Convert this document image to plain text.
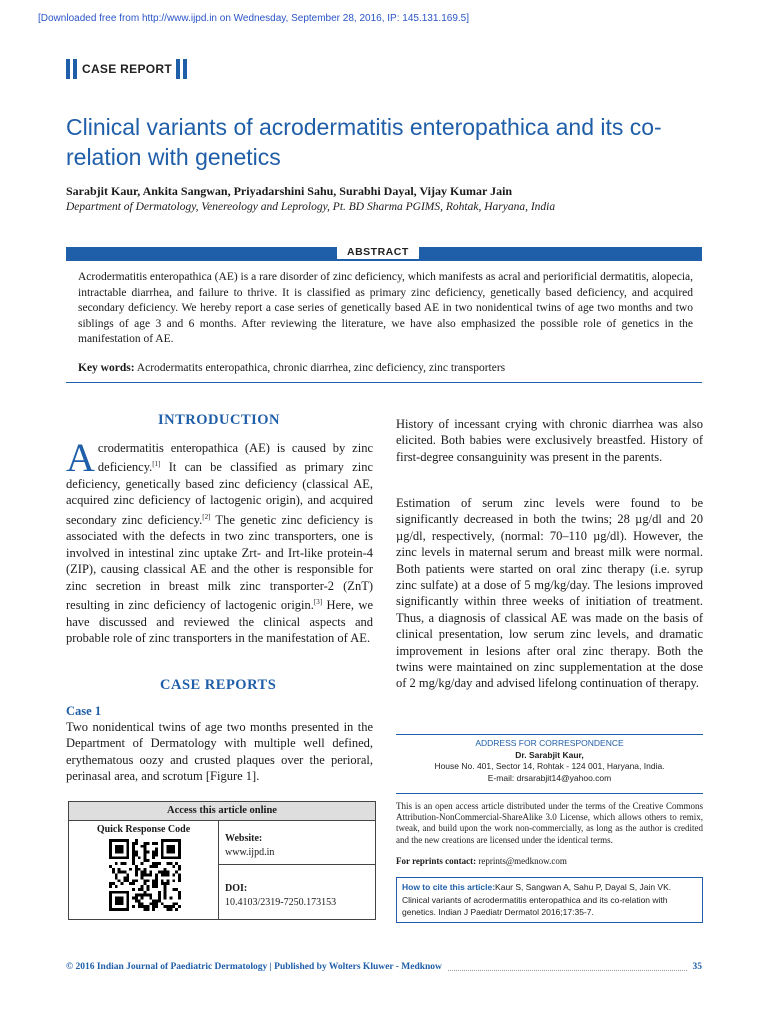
[Downloaded free from http://www.ijpd.in on Wednesday, September 28, 2016, IP: 145.131.169.5]
CASE REPORT
Clinical variants of acrodermatitis enteropathica and its co-relation with genetics
Sarabjit Kaur, Ankita Sangwan, Priyadarshini Sahu, Surabhi Dayal, Vijay Kumar Jain
Department of Dermatology, Venereology and Leprology, Pt. BD Sharma PGIMS, Rohtak, Haryana, India
ABSTRACT
Acrodermatitis enteropathica (AE) is a rare disorder of zinc deficiency, which manifests as acral and periorificial dermatitis, alopecia, intractable diarrhea, and failure to thrive. It is classified as primary zinc deficiency, genetically based deficiency, and acquired secondary deficiency. We hereby report a case series of genetically based AE in two nonidentical twins of age two months and two siblings of age 3 and 6 months. After reviewing the literature, we have also emphasized the possible role of genetics in the manifestation of AE.
Key words: Acrodermatits enteropathica, chronic diarrhea, zinc deficiency, zinc transporters
INTRODUCTION
Acrodermatitis enteropathica (AE) is caused by zinc deficiency.[1] It can be classified as primary zinc deficiency, genetically based zinc deficiency (classical AE, acquired zinc deficiency of lactogenic origin), and acquired secondary zinc deficiency.[2] The genetic zinc deficiency is associated with the defects in two zinc transporters, one is involved in intestinal zinc uptake Zrt- and Irt-like protein-4 (ZIP), causing classical AE and the other is responsible for zinc secretion in breast milk zinc transporter-2 (ZnT) resulting in zinc deficiency of lactogenic origin.[3] Here, we have discussed and reviewed the clinical aspects and probable role of zinc transporters in the manifestation of AE.
CASE REPORTS
Case 1
Two nonidentical twins of age two months presented in the Department of Dermatology with multiple well defined, erythematous oozy and crusted plaques over the perioral, perinasal area, and scrotum [Figure 1].
History of incessant crying with chronic diarrhea was also elicited. Both babies were exclusively breastfed. History of first-degree consanguinity was present in the parents.
Estimation of serum zinc levels were found to be significantly decreased in both the twins; 28 µg/dl and 20 µg/dl, respectively, (normal: 70–110 µg/dl). However, the zinc levels in maternal serum and breast milk were normal. Both patients were started on oral zinc therapy (i.e. syrup zinc sulfate) at a dose of 5 mg/kg/day. The lesions improved significantly within three weeks of initiation of treatment. Thus, a diagnosis of classical AE was made on the basis of clinical presentation, low serum zinc levels, and dramatic improvement in lesions after oral zinc therapy. Both the twins were maintained on zinc supplementation at the dose of 2 mg/kg/day and advised lifelong continuation of therapy.
Access this article online
Quick Response Code
Website:
www.ijpd.in
DOI:
10.4103/2319-7250.173153
ADDRESS FOR CORRESPONDENCE
Dr. Sarabjit Kaur,
House No. 401, Sector 14, Rohtak - 124 001, Haryana, India.
E-mail: drsarabjit14@yahoo.com
This is an open access article distributed under the terms of the Creative Commons Attribution-NonCommercial-ShareAlike 3.0 License, which allows others to remix, tweak, and build upon the work non-commercially, as long as the author is credited and the new creations are licensed under the identical terms.
For reprints contact: reprints@medknow.com
How to cite this article:Kaur S, Sangwan A, Sahu P, Dayal S, Jain VK. Clinical variants of acrodermatitis enteropathica and its co-relation with genetics. Indian J Paediatr Dermatol 2016;17:35-7.
© 2016 Indian Journal of Paediatric Dermatology | Published by Wolters Kluwer - Medknow	35
